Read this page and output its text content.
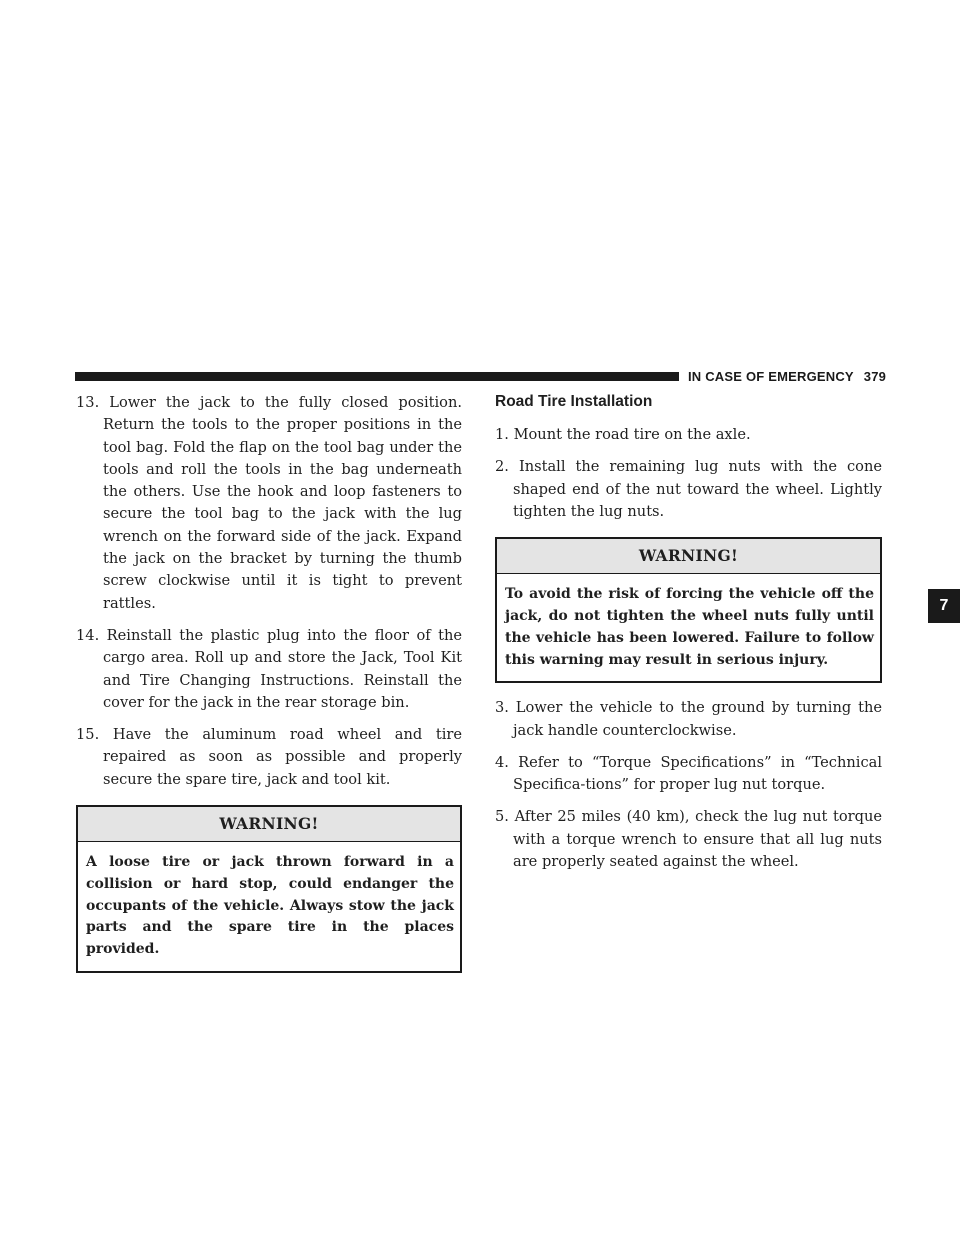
IN CASE OF EMERGENCY 379
7

13. Lower the jack to the fully closed position. Return the tools to the proper positions in the tool bag. Fold the flap on the tool bag under the tools and roll the tools in the bag underneath the others. Use the hook and loop fasteners to secure the tool bag to the jack with the lug wrench on the forward side of the jack. Expand the jack on the bracket by turning the thumb screw clockwise until it is tight to prevent rattles.

14. Reinstall the plastic plug into the floor of the cargo area. Roll up and store the Jack, Tool Kit and Tire Changing Instructions. Reinstall the cover for the jack in the rear storage bin.

15. Have the aluminum road wheel and tire repaired as soon as possible and properly secure the spare tire, jack and tool kit.

WARNING!
A loose tire or jack thrown forward in a collision or hard stop, could endanger the occupants of the vehicle. Always stow the jack parts and the spare tire in the places provided.
Road Tire Installation

1. Mount the road tire on the axle.

2. Install the remaining lug nuts with the cone shaped end of the nut toward the wheel. Lightly tighten the lug nuts.

WARNING!
To avoid the risk of forcing the vehicle off the jack, do not tighten the wheel nuts fully until the vehicle has been lowered. Failure to follow this warning may result in serious injury.

3. Lower the vehicle to the ground by turning the jack handle counterclockwise.

4. Refer to “Torque Specifications” in “Technical Specifica-tions” for proper lug nut torque.

5. After 25 miles (40 km), check the lug nut torque with a torque wrench to ensure that all lug nuts are properly seated against the wheel.
